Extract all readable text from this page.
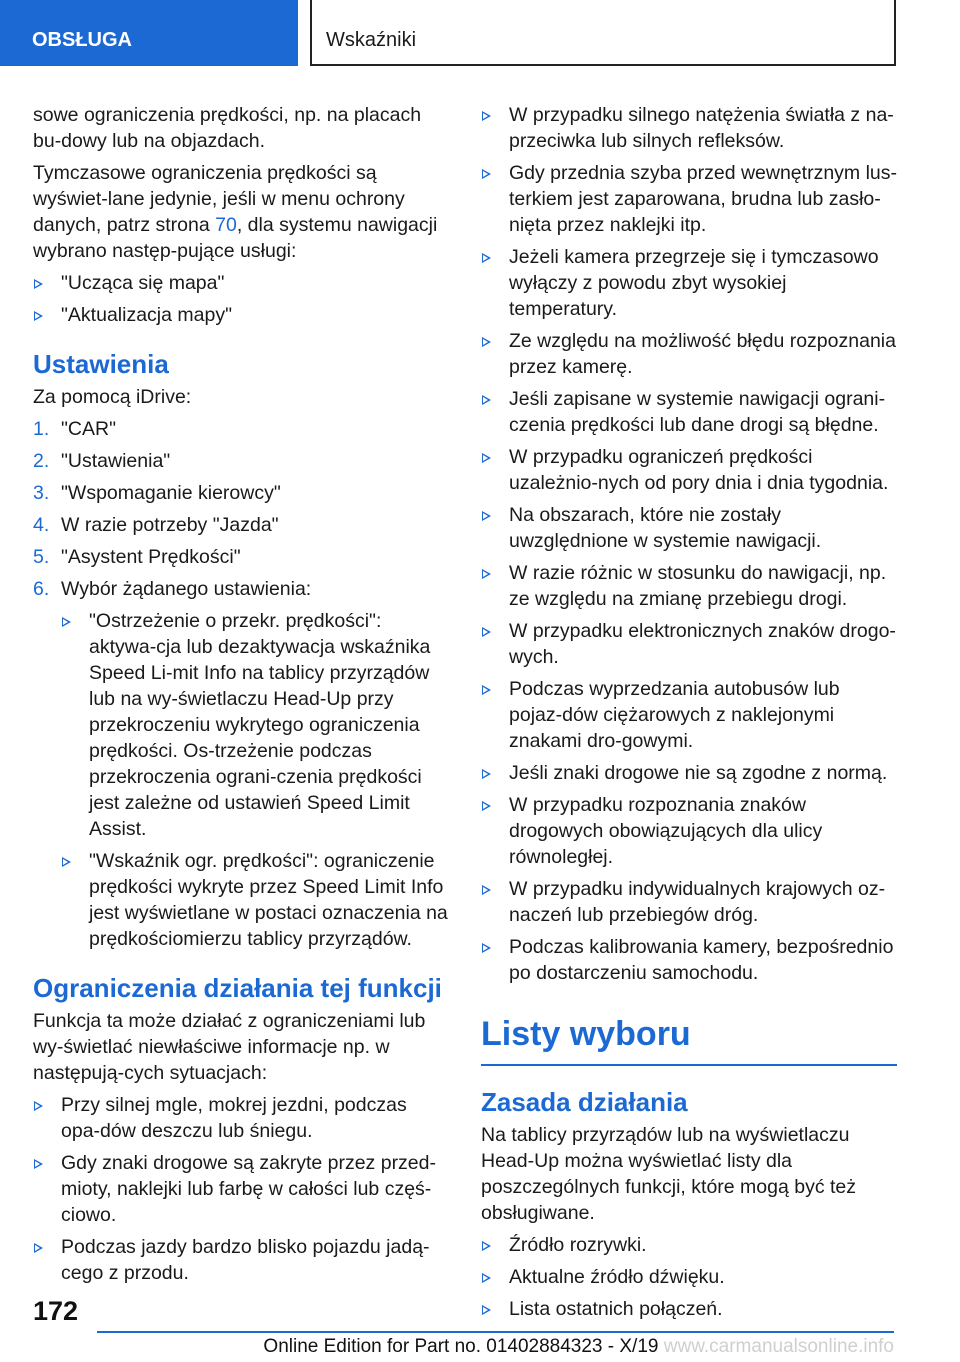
OBSŁUGA	Wskaźniki

sowe ograniczenia prędkości, np. na placach bu-dowy lub na objazdach.

Tymczasowe ograniczenia prędkości są wyświet-lane jedynie, jeśli w menu ochrony danych, patrz strona 70, dla systemu nawigacji wybrano następ-pujące usługi:

"Ucząca się mapa"
"Aktualizacja mapy"
Ustawienia

Za pomocą iDrive:

1. "CAR"
2. "Ustawienia"
3. "Wspomaganie kierowcy"
4. W razie potrzeby "Jazda"
5. "Asystent Prędkości"
6. Wybór żądanego ustawienia:
"Ostrzeżenie o przekr. prędkości": aktywa-cja lub dezaktywacja wskaźnika Speed Li-mit Info na tablicy przyrządów lub na wy-świetlaczu Head-Up przy przekroczeniu wykrytego ograniczenia prędkości. Os-trzeżenie podczas przekroczenia ograni-czenia prędkości jest zależne od ustawień Speed Limit Assist.
"Wskaźnik ogr. prędkości": ograniczenie prędkości wykryte przez Speed Limit Info jest wyświetlane w postaci oznaczenia na prędkościomierzu tablicy przyrządów.
Ograniczenia działania tej funkcji

Funkcja ta może działać z ograniczeniami lub wy-świetlać niewłaściwe informacje np. w następują-cych sytuacjach:

Przy silnej mgle, mokrej jezdni, podczas opa-dów deszczu lub śniegu.
Gdy znaki drogowe są zakryte przez przed-mioty, naklejki lub farbę w całości lub częś-ciowo.
Podczas jazdy bardzo blisko pojazdu jadą-cego z przodu.
W przypadku silnego natężenia światła z na-przeciwka lub silnych refleksów.
Gdy przednia szyba przed wewnętrznym lus-terkiem jest zaparowana, brudna lub zasło-nięta przez naklejki itp.
Jeżeli kamera przegrzeje się i tymczasowo wyłączy z powodu zbyt wysokiej temperatury.
Ze względu na możliwość błędu rozpoznania przez kamerę.
Jeśli zapisane w systemie nawigacji ograni-czenia prędkości lub dane drogi są błędne.
W przypadku ograniczeń prędkości uzależnio-nych od pory dnia i dnia tygodnia.
Na obszarach, które nie zostały uwzględnione w systemie nawigacji.
W razie różnic w stosunku do nawigacji, np. ze względu na zmianę przebiegu drogi.
W przypadku elektronicznych znaków drogo-wych.
Podczas wyprzedzania autobusów lub pojaz-dów ciężarowych z naklejonymi znakami dro-gowymi.
Jeśli znaki drogowe nie są zgodne z normą.
W przypadku rozpoznania znaków drogowych obowiązujących dla ulicy równoległej.
W przypadku indywidualnych krajowych oz-naczeń lub przebiegów dróg.
Podczas kalibrowania kamery, bezpośrednio po dostarczeniu samochodu.
Listy wyboru
Zasada działania

Na tablicy przyrządów lub na wyświetlaczu Head-Up można wyświetlać listy dla poszczególnych funkcji, które mogą być też obsługiwane.

Źródło rozrywki.
Aktualne źródło dźwięku.
Lista ostatnich połączeń.
172
Online Edition for Part no. 01402884323 - X/19 www.carmanualsonline.info
